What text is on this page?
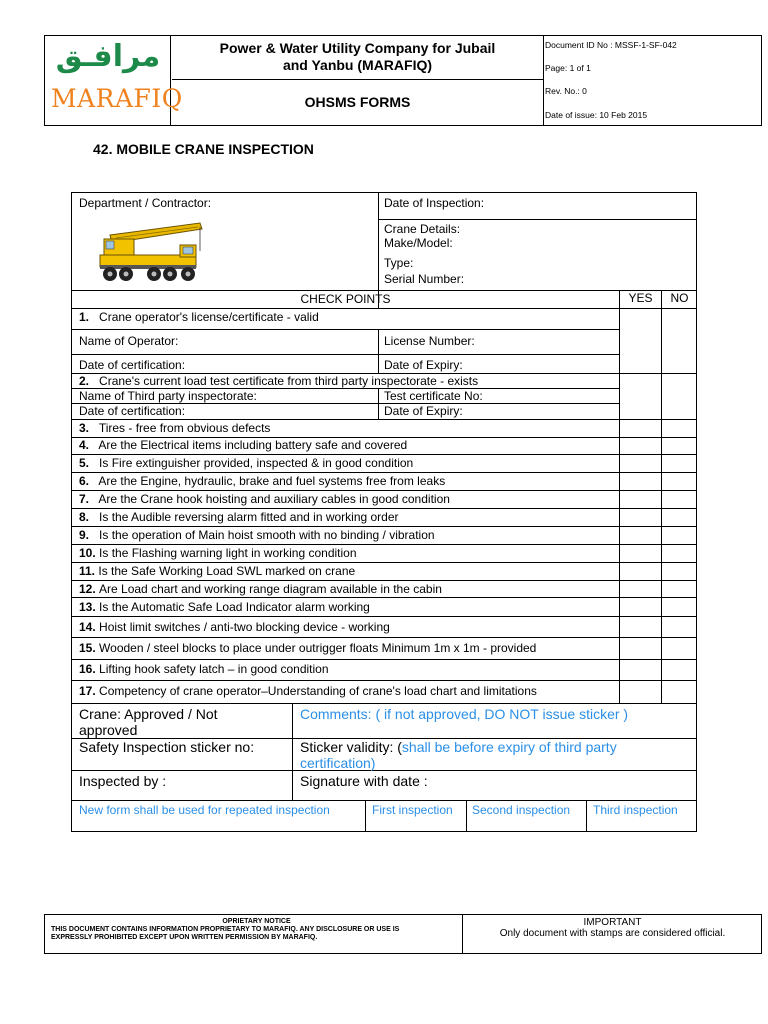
مرافـق
MARAFIQ
Power & Water Utility Company for Jubail
and Yanbu (MARAFIQ)
OHSMS FORMS
Document ID No : MSSF-1-SF-042
Page: 1 of 1
Rev. No.: 0
Date of issue: 10 Feb 2015
42. MOBILE CRANE INSPECTION
Department / Contractor:	Date of Inspection:
Crane Details:
Make/Model:
Type:
Serial Number:
CHECK POINTS	YES	NO
1. Crane operator's license/certificate - valid
Name of Operator:	License Number:
Date of certification:	Date of Expiry:
2. Crane's current load test certificate from third party inspectorate - exists
Name of Third party inspectorate:	Test certificate No:
Date of certification:	Date of Expiry:
3. Tires - free from obvious defects
4. Are the Electrical items including battery safe and covered
5. Is Fire extinguisher provided, inspected & in good condition
6. Are the Engine, hydraulic, brake and fuel systems free from leaks
7. Are the Crane hook hoisting and auxiliary cables in good condition
8. Is the Audible reversing alarm fitted and in working order
9. Is the operation of Main hoist smooth with no binding / vibration
10. Is the Flashing warning light in working condition
11. Is the Safe Working Load SWL marked on crane
12. Are Load chart and working range diagram available in the cabin
13. Is the Automatic Safe Load Indicator alarm working
14. Hoist limit switches / anti-two blocking device - working
15. Wooden / steel blocks to place under outrigger floats Minimum 1m x 1m - provided
16. Lifting hook safety latch – in good condition
17. Competency of crane operator–Understanding of crane's load chart and limitations
Crane: Approved / Not
approved
Comments: ( if not approved, DO NOT issue sticker )
Safety Inspection sticker no:	Sticker validity: (shall be before expiry of third party
certification)
Inspected by :	Signature with date :
New form shall be used for repeated inspection	First inspection Second inspection Third inspection
OPRIETARY NOTICE
THIS DOCUMENT CONTAINS INFORMATION PROPRIETARY TO MARAFIQ. ANY DISCLOSURE OR USE IS
EXPRESSLY PROHIBITED EXCEPT UPON WRITTEN PERMISSION BY MARAFIQ.
IMPORTANT
Only document with stamps are considered official.
